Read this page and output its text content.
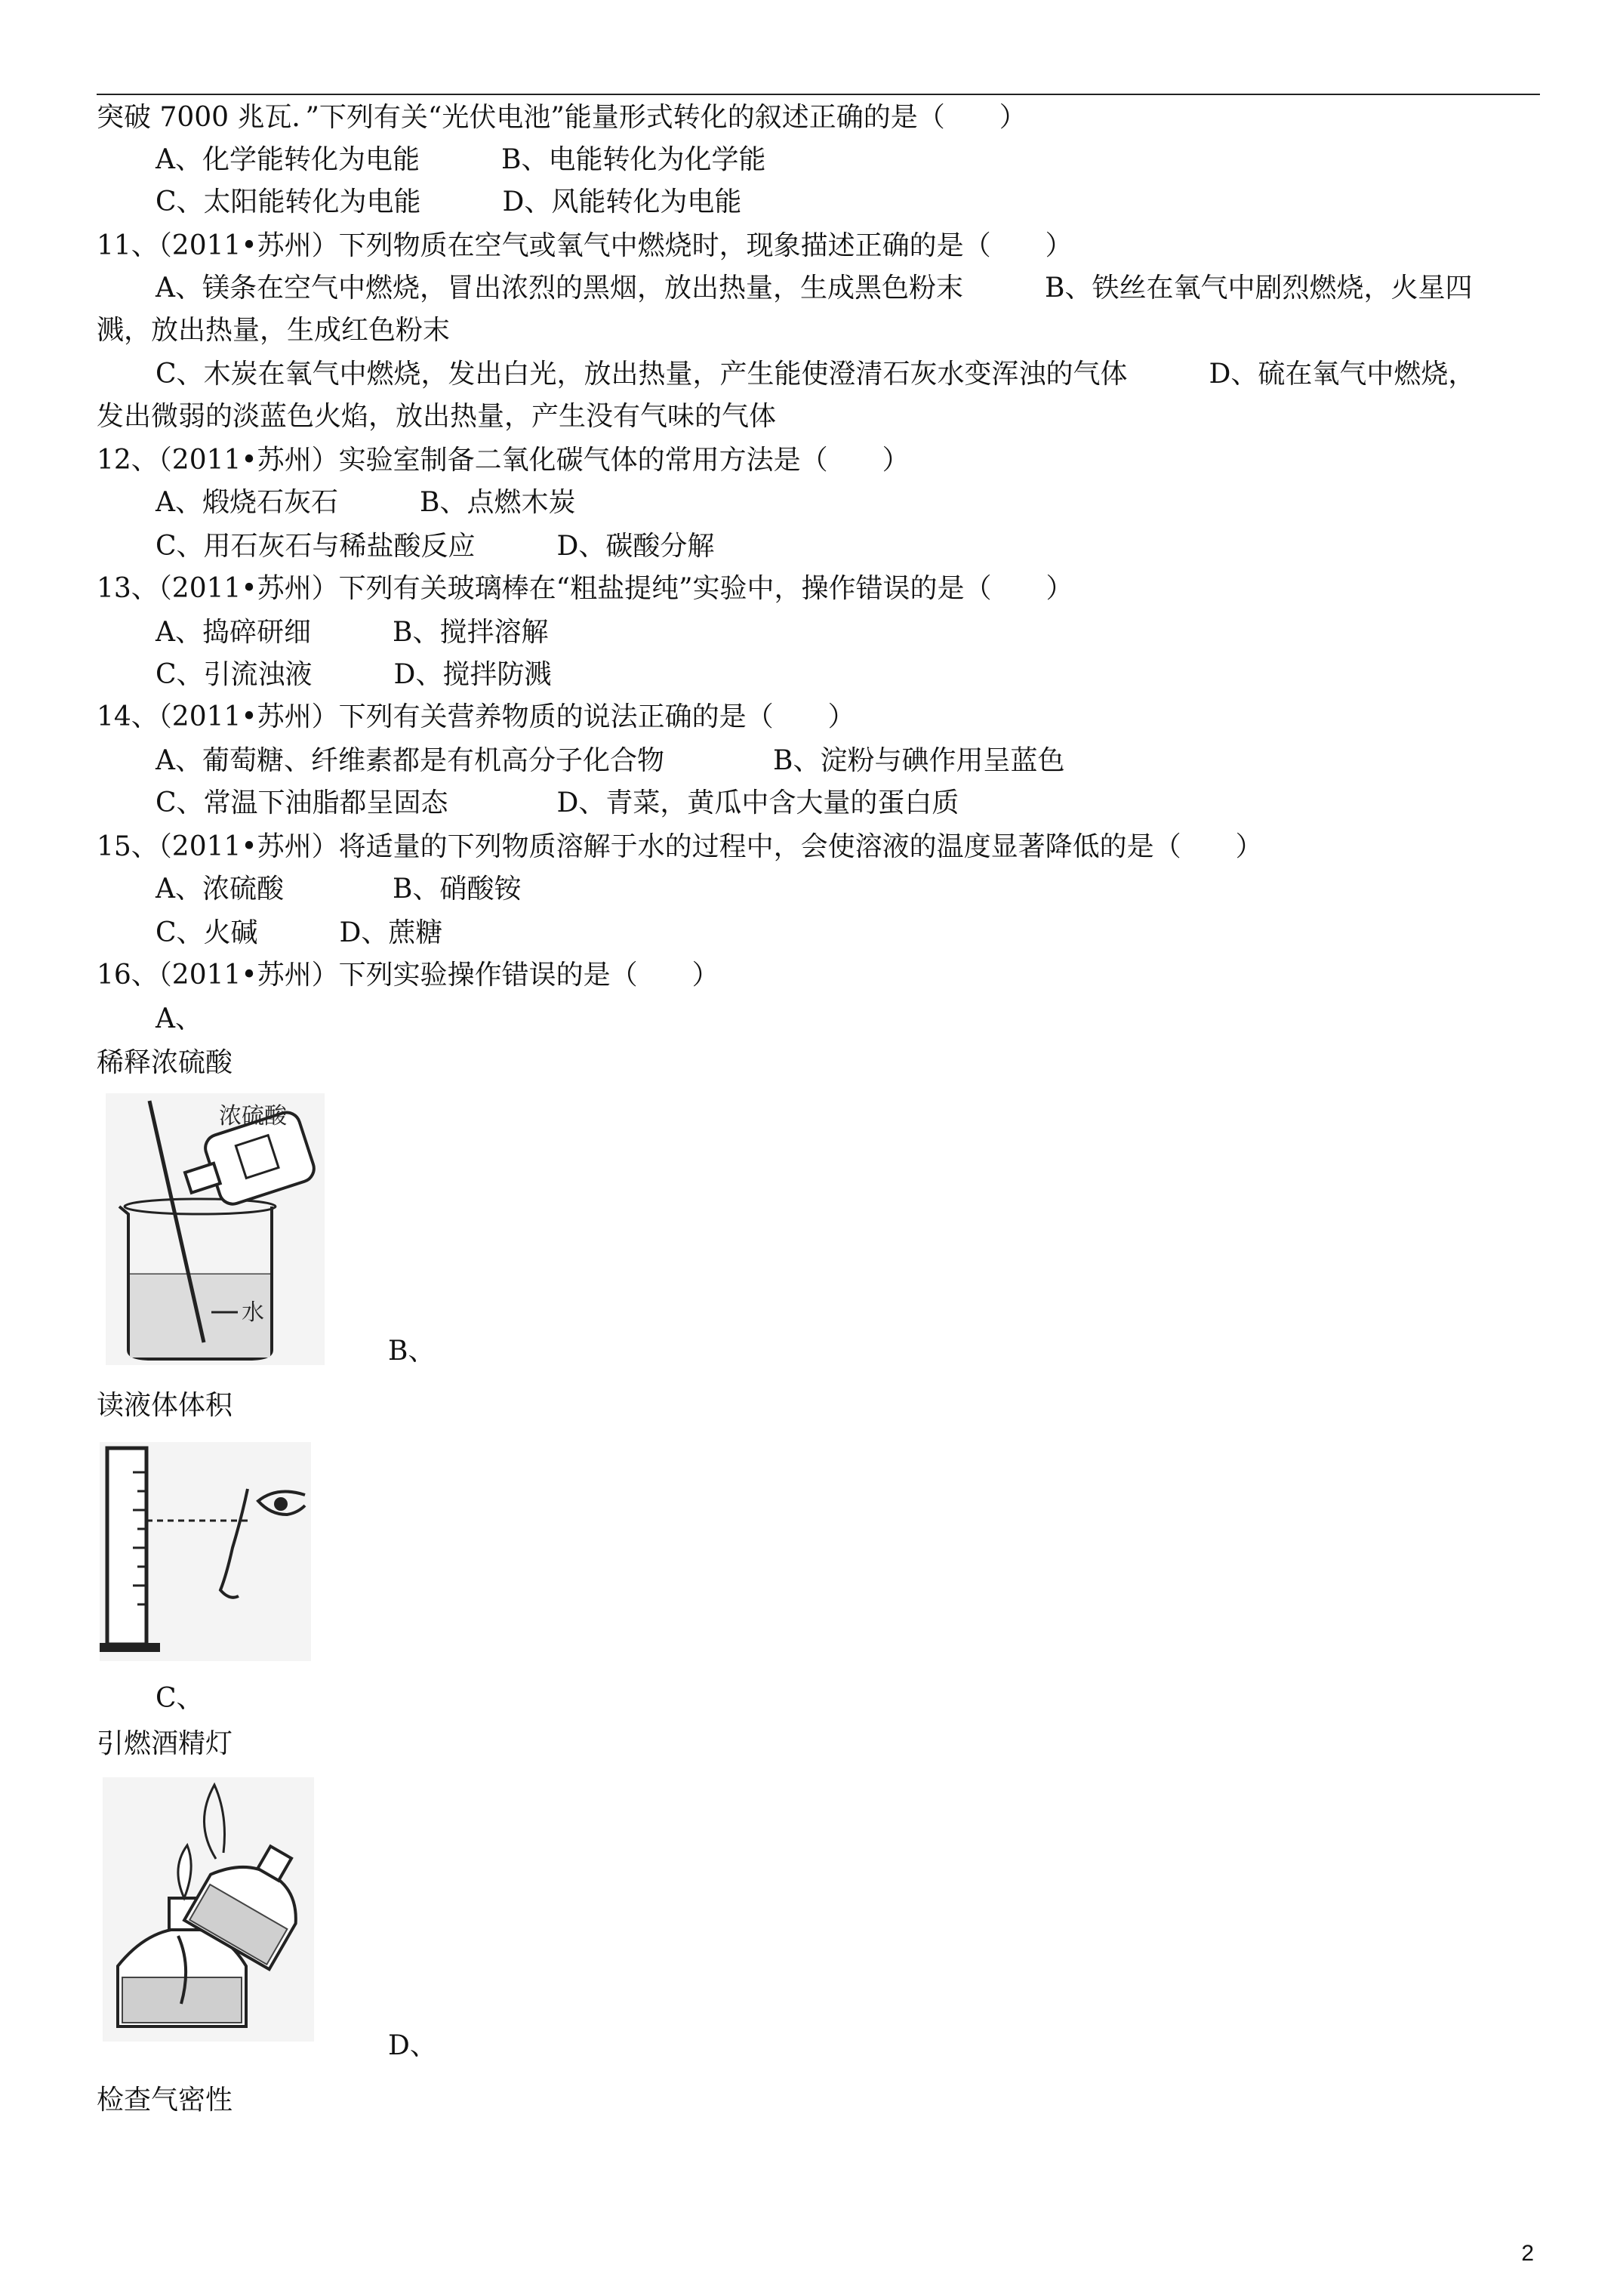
突破 7000 兆瓦．”下列有关“光伏电池”能量形式转化的叙述正确的是（　　）
A、化学能转化为电能　　　B、电能转化为化学能
C、太阳能转化为电能　　　D、风能转化为电能
11、（2011•苏州）下列物质在空气或氧气中燃烧时，现象描述正确的是（　　）
A、镁条在空气中燃烧，冒出浓烈的黑烟，放出热量，生成黑色粉末　　　B、铁丝在氧气中剧烈燃烧，火星四
溅，放出热量，生成红色粉末
C、木炭在氧气中燃烧，发出白光，放出热量，产生能使澄清石灰水变浑浊的气体　　　D、硫在氧气中燃烧，
发出微弱的淡蓝色火焰，放出热量，产生没有气味的气体
12、（2011•苏州）实验室制备二氧化碳气体的常用方法是（　　）
A、煅烧石灰石　　　B、点燃木炭
C、用石灰石与稀盐酸反应　　　D、碳酸分解
13、（2011•苏州）下列有关玻璃棒在“粗盐提纯”实验中，操作错误的是（　　）
A、捣碎研细　　　B、搅拌溶解
C、引流浊液　　　D、搅拌防溅
14、（2011•苏州）下列有关营养物质的说法正确的是（　　）
A、葡萄糖、纤维素都是有机高分子化合物　　　　B、淀粉与碘作用呈蓝色
C、常温下油脂都呈固态　　　　D、青菜，黄瓜中含大量的蛋白质
15、（2011•苏州）将适量的下列物质溶解于水的过程中，会使溶液的温度显著降低的是（　　）
A、浓硫酸　　　　B、硝酸铵
C、火碱　　　D、蔗糖
16、（2011•苏州）下列实验操作错误的是（　　）
A、
稀释浓硫酸
浓硫酸
水
B、
读液体体积
C、
引燃酒精灯
D、
检查气密性
2
